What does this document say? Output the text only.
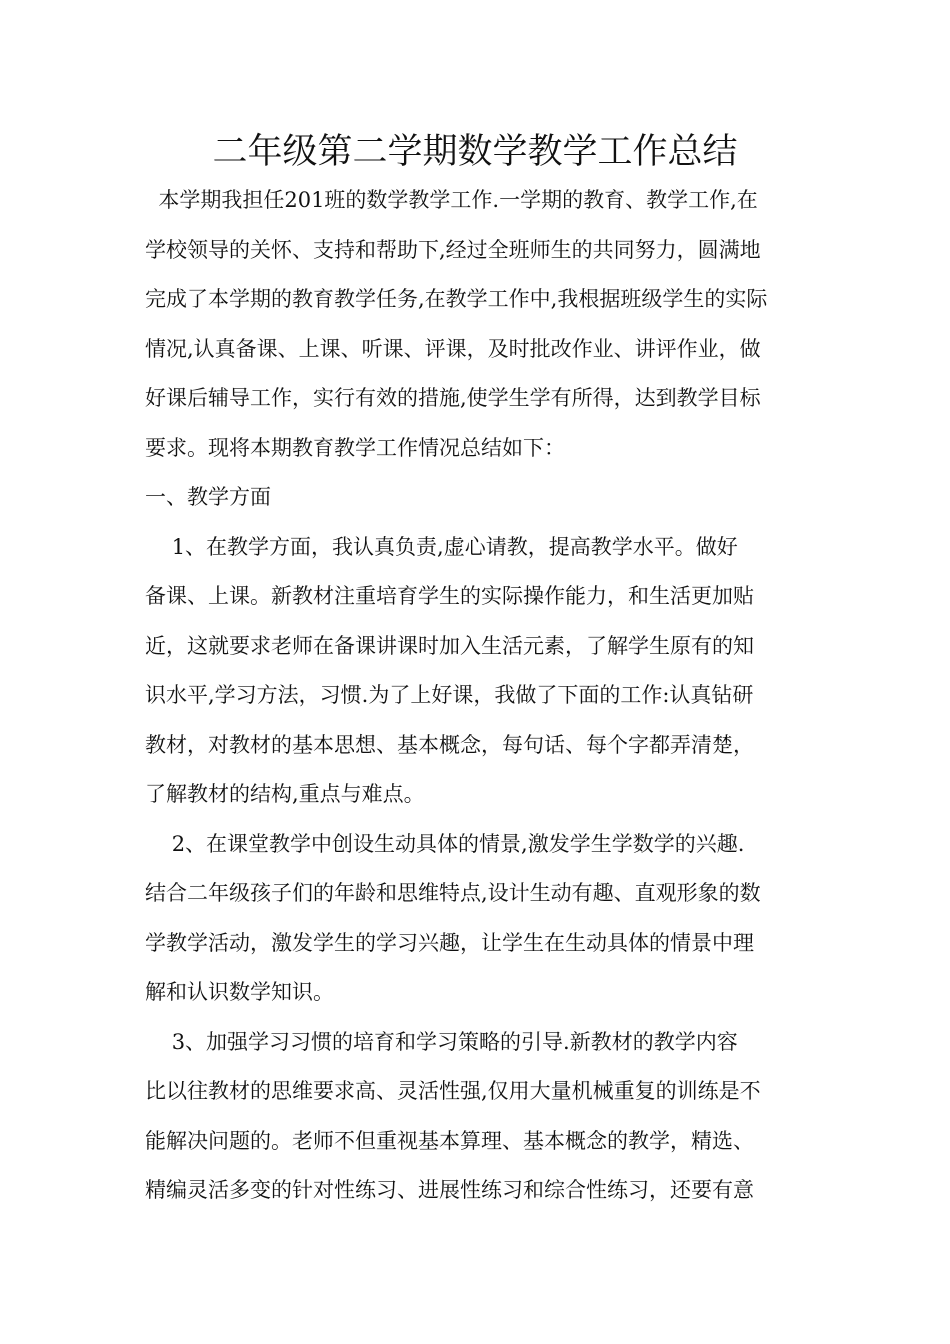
二年级第二学期数学教学工作总结
本学期我担任201班的数学教学工作.一学期的教育、教学工作,在
学校领导的关怀、支持和帮助下,经过全班师生的共同努力，圆满地
完成了本学期的教育教学任务,在教学工作中,我根据班级学生的实际
情况,认真备课、上课、听课、评课，及时批改作业、讲评作业，做
好课后辅导工作，实行有效的措施,使学生学有所得，达到教学目标
要求。现将本期教育教学工作情况总结如下：
一、教学方面
1、在教学方面，我认真负责,虚心请教，提高教学水平。做好
备课、上课。新教材注重培育学生的实际操作能力，和生活更加贴
近，这就要求老师在备课讲课时加入生活元素，了解学生原有的知
识水平,学习方法，习惯.为了上好课，我做了下面的工作:认真钻研
教材，对教材的基本思想、基本概念，每句话、每个字都弄清楚，
了解教材的结构,重点与难点。
2、在课堂教学中创设生动具体的情景,激发学生学数学的兴趣.
结合二年级孩子们的年龄和思维特点,设计生动有趣、直观形象的数
学教学活动，激发学生的学习兴趣，让学生在生动具体的情景中理
解和认识数学知识。
3、加强学习习惯的培育和学习策略的引导.新教材的教学内容
比以往教材的思维要求高、灵活性强,仅用大量机械重复的训练是不
能解决问题的。老师不但重视基本算理、基本概念的教学，精选、
精编灵活多变的针对性练习、进展性练习和综合性练习，还要有意
